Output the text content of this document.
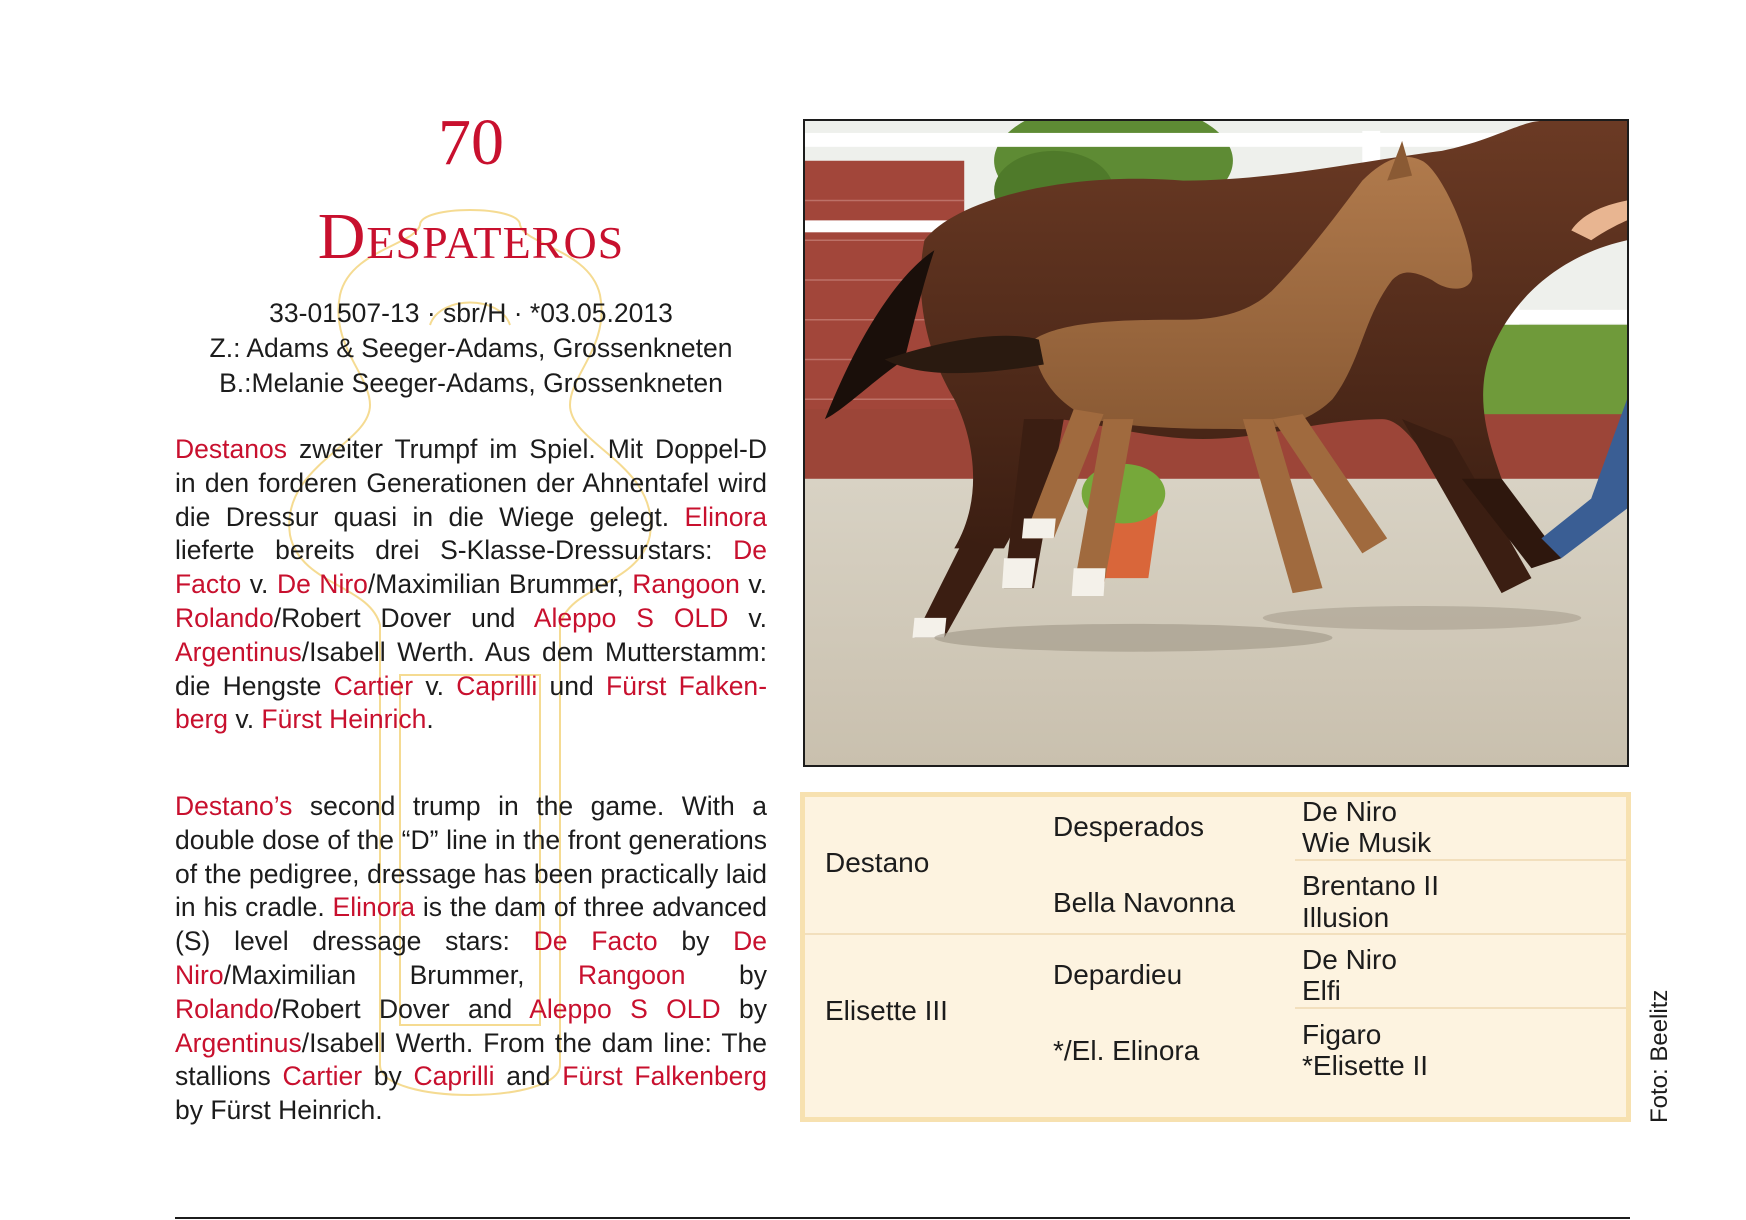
70
Despateros
33-01507-13 · sbr/H · *03.05.2013
Z.: Adams & Seeger-Adams, Grossenkneten
B.:Melanie Seeger-Adams, Grossenkneten
Destanos zweiter Trumpf im Spiel. Mit Doppel-D in den forderen Generationen der Ahnentafel wird die Dressur quasi in die Wiege gelegt. Elinora lieferte bereits drei S-Klasse-Dressurstars: De Facto v. De Niro/Maximilian Brummer, Rangoon v. Rolando/Robert Dover und Aleppo S OLD v. Argentinus/Isabell Werth. Aus dem Mutterstamm: die Hengste Cartier v. Caprilli und Fürst Falkenberg v. Fürst Heinrich.
Destano’s second trump in the game. With a double dose of the “D” line in the front generations of the pedigree, dressage has been practically laid in his cradle. Elinora is the dam of three advanced (S) level dressage stars: De Facto by De Niro/Maximilian Brummer, Rangoon by Rolando/Robert Dover and Aleppo S OLD by Argentinus/Isabell Werth. From the dam line: The stallions Cartier by Caprilli and Fürst Falkenberg by Fürst Heinrich.
Destano
Elisette III
Desperados
Bella Navonna
Depardieu
*/El. Elinora
De Niro
Wie Musik
Brentano II
Illusion
De Niro
Elfi
Figaro
*Elisette II	Foto: Beelitz
